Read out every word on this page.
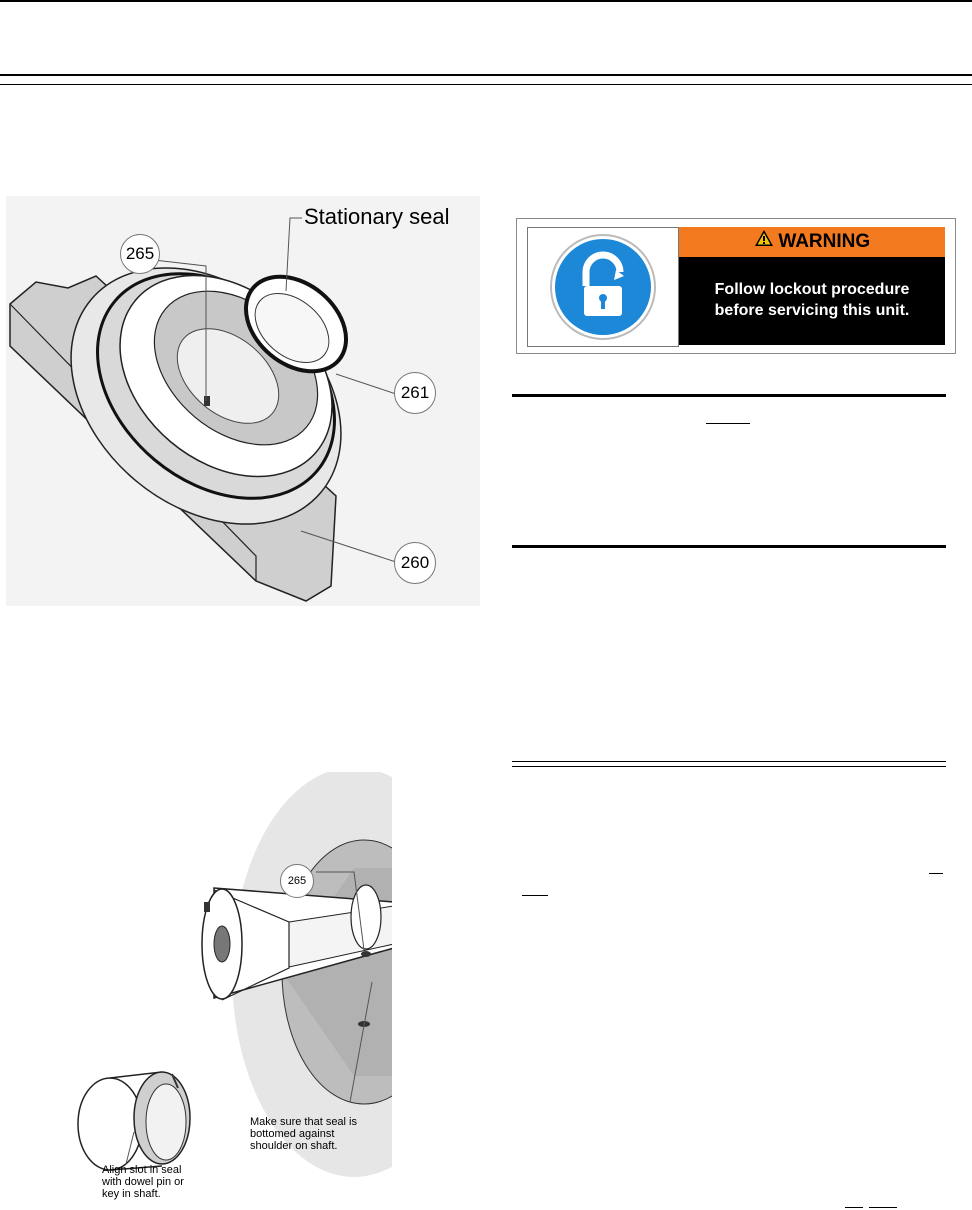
Stationary seal
265
261
260
WARNING
Follow lockout procedure
before servicing this unit.
265
Make sure that seal is
bottomed against
shoulder on shaft.
Align slot in seal
with dowel pin or
key in shaft.
